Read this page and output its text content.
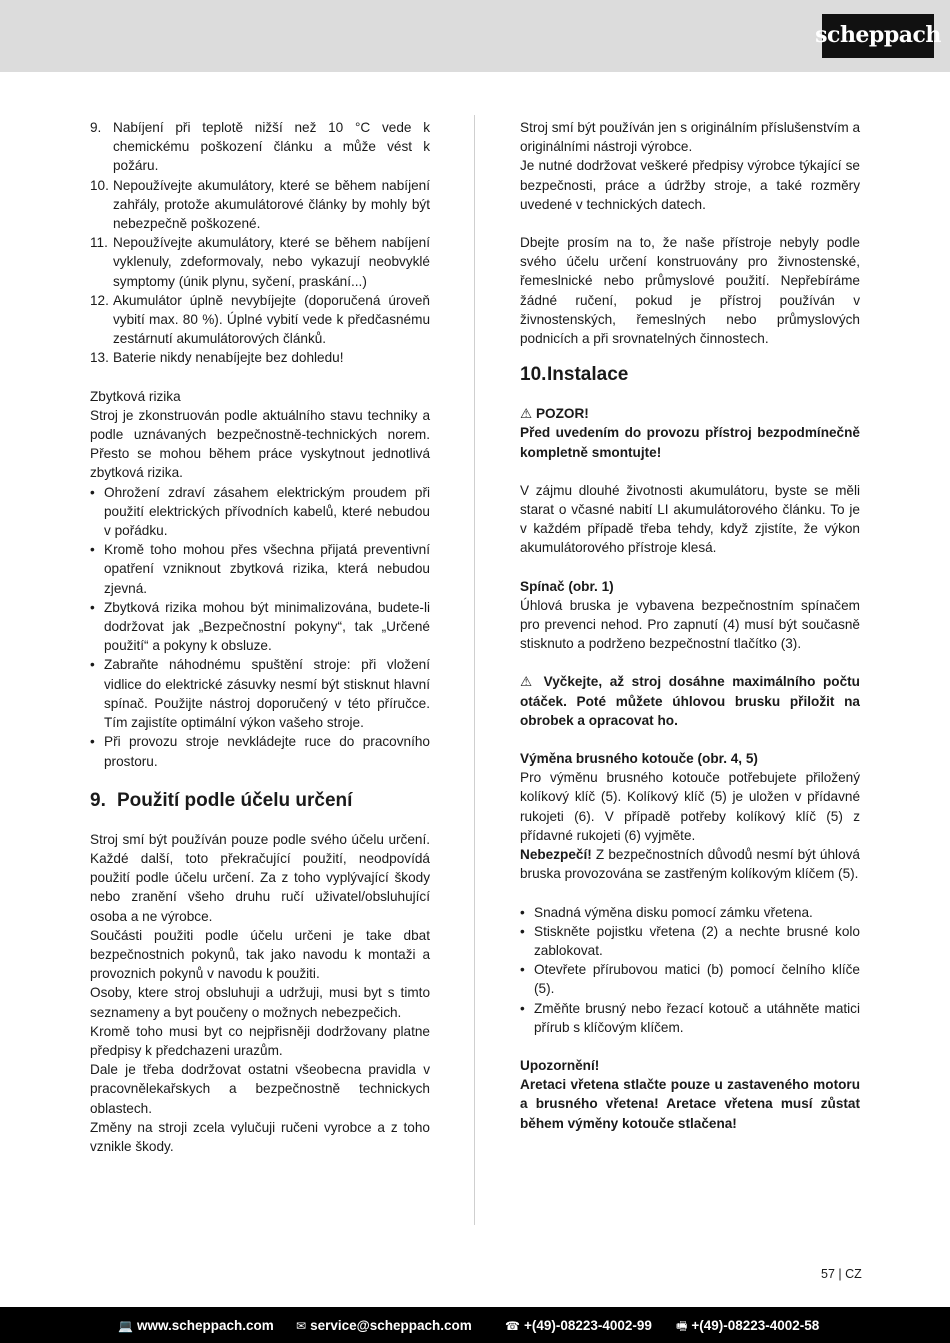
scheppach
9. Nabíjení při teplotě nižší než 10 °C vede k chemickému poškození článku a může vést k požáru.
10. Nepoužívejte akumulátory, které se během nabíjení zahřály, protože akumulátorové články by mohly být nebezpečně poškozené.
11. Nepoužívejte akumulátory, které se během nabíjení vyklenuly, zdeformovaly, nebo vykazují neobvyklé symptomy (únik plynu, syčení, praskání...)
12. Akumulátor úplně nevybíjejte (doporučená úroveň vybití max. 80 %). Úplné vybití vede k předčasnému zestárnutí akumulátorových článků.
13. Baterie nikdy nenabíjejte bez dohledu!

Zbytková rizika

Stroj je zkonstruován podle aktuálního stavu techniky a podle uznávaných bezpečnostně-technických norem. Přesto se mohou během práce vyskytnout jednotlivá zbytková rizika.

• Ohrožení zdraví zásahem elektrickým proudem při použití elektrických přívodních kabelů, které nebudou v pořádku.
• Kromě toho mohou přes všechna přijatá preventivní opatření vzniknout zbytková rizika, která nebudou zjevná.
• Zbytková rizika mohou být minimalizována, budete-li dodržovat jak „Bezpečnostní pokyny“, tak „Určené použití“ a pokyny k obsluze.
• Zabraňte náhodnému spuštění stroje: při vložení vidlice do elektrické zásuvky nesmí být stisknut hlavní spínač. Použijte nástroj doporučený v této příručce. Tím zajistíte optimální výkon vašeho stroje.
• Při provozu stroje nevkládejte ruce do pracovního prostoru.
9. Použití podle účelu určení

Stroj smí být používán pouze podle svého účelu určení. Každé další, toto překračující použití, neodpovídá použití podle účelu určení. Za z toho vyplývající škody nebo zranění všeho druhu ručí uživatel/obsluhující osoba a ne výrobce.

Součásti použiti podle účelu určeni je take dbat bezpečnostnich pokynů, tak jako navodu k montaži a provoznich pokynů v navodu k použiti.

Osoby, ktere stroj obsluhuji a udržuji, musi byt s timto seznameny a byt poučeny o možnych nebezpečich.

Kromě toho musi byt co nejpřisněji dodržovany platne předpisy k předchazeni urazům.

Dale je třeba dodržovat ostatni všeobecna pravidla v pracovnělekařskych a bezpečnostně technickych oblastech.

Změny na stroji zcela vylučuji ručeni vyrobce a z toho vznikle škody.

Stroj smí být používán jen s originálním příslušenstvím a originálními nástroji výrobce.

Je nutné dodržovat veškeré předpisy výrobce týkající se bezpečnosti, práce a údržby stroje, a také rozměry uvedené v technických datech.

Dbejte prosím na to, že naše přístroje nebyly podle svého účelu určení konstruovány pro živnostenské, řemeslnické nebo průmyslové použití. Nepřebíráme žádné ručení, pokud je přístroj používán v živnostenských, řemeslných nebo průmyslových podnicích a při srovnatelných činnostech.

10.Instalace

⚠ POZOR!

Před uvedením do provozu přístroj bezpodmínečně kompletně smontujte!

V zájmu dlouhé životnosti akumulátoru, byste se měli starat o včasné nabití LI akumulátorového článku. To je v každém případě třeba tehdy, když zjistíte, že výkon akumulátorového přístroje klesá.

Spínač (obr. 1)

Úhlová bruska je vybavena bezpečnostním spínačem pro prevenci nehod. Pro zapnutí (4) musí být současně stisknuto a podrženo bezpečnostní tlačítko (3).

⚠ Vyčkejte, až stroj dosáhne maximálního počtu otáček. Poté můžete úhlovou brusku přiložit na obrobek a opracovat ho.

Výměna brusného kotouče (obr. 4, 5)

Pro výměnu brusného kotouče potřebujete přiložený kolíkový klíč (5). Kolíkový klíč (5) je uložen v přídavné rukojeti (6). V případě potřeby kolíkový klíč (5) z přídavné rukojeti (6) vyjměte.

Nebezpečí! Z bezpečnostních důvodů nesmí být úhlová bruska provozována se zastřeným kolíkovým klíčem (5).

• Snadná výměna disku pomocí zámku vřetena.
• Stiskněte pojistku vřetena (2) a nechte brusné kolo zablokovat.
• Otevřete přírubovou matici (b) pomocí čelního klíče (5).
• Změňte brusný nebo řezací kotouč a utáhněte matici přírub s klíčovým klíčem.

Upozornění!

Aretaci vřetena stlačte pouze u zastaveného motoru a brusného vřetena! Aretace vřetena musí zůstat během výměny kotouče stlačena!

57 | CZ
💻 www.scheppach.com ✉ service@scheppach.com	☎ +(49)-08223-4002-99 🖷 +(49)-08223-4002-58
